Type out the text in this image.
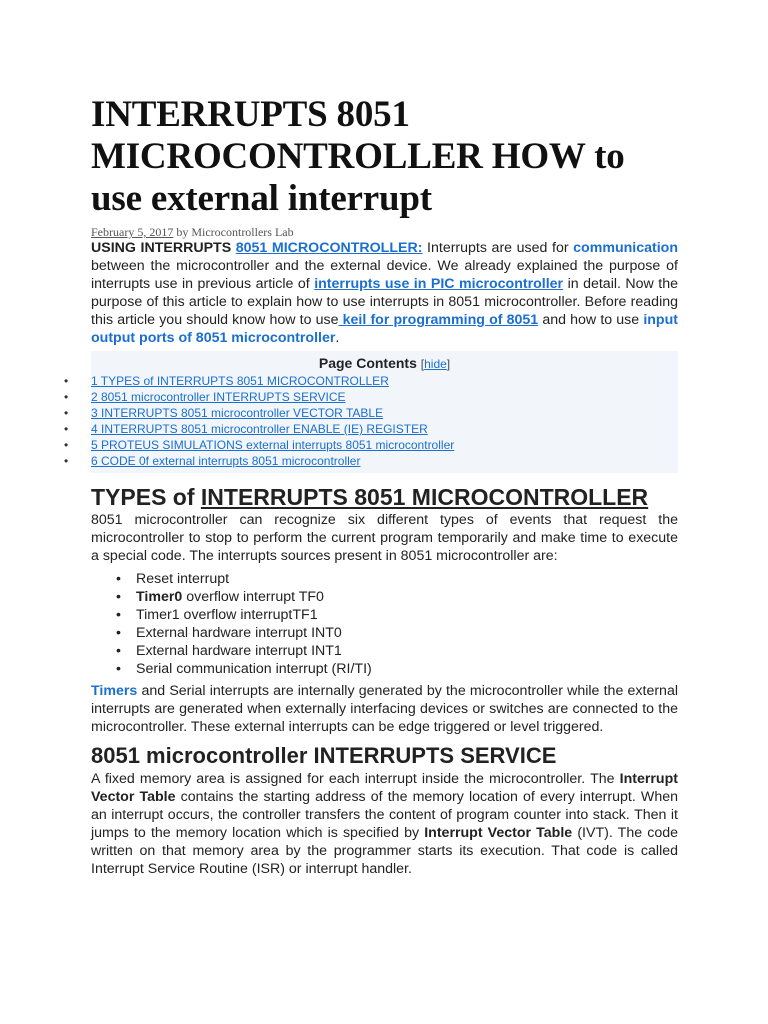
INTERRUPTS 8051 MICROCONTROLLER HOW to use external interrupt
February 5, 2017 by Microcontrollers Lab

USING INTERRUPTS 8051 MICROCONTROLLER: Interrupts are used for communication between the microcontroller and the external device. We already explained the purpose of interrupts use in previous article of interrupts use in PIC microcontroller in detail. Now the purpose of this article to explain how to use interrupts in 8051 microcontroller. Before reading this article you should know how to use keil for programming of 8051 and how to use input output ports of 8051 microcontroller.

Page Contents [hide]
• 1 TYPES of INTERRUPTS 8051 MICROCONTROLLER
• 2 8051 microcontroller INTERRUPTS SERVICE
• 3 INTERRUPTS 8051 microcontroller VECTOR TABLE
• 4 INTERRUPTS 8051 microcontroller ENABLE (IE) REGISTER
• 5 PROTEUS SIMULATIONS external interrupts 8051 microcontroller
• 6 CODE 0f external interrupts 8051 microcontroller
TYPES of INTERRUPTS 8051 MICROCONTROLLER

8051 microcontroller can recognize six different types of events that request the microcontroller to stop to perform the current program temporarily and make time to execute a special code. The interrupts sources present in 8051 microcontroller are:

• Reset interrupt
• Timer0 overflow interrupt TF0
• Timer1 overflow interruptTF1
• External hardware interrupt INT0
• External hardware interrupt INT1
• Serial communication interrupt (RI/TI)

Timers and Serial interrupts are internally generated by the microcontroller while the external interrupts are generated when externally interfacing devices or switches are connected to the microcontroller. These external interrupts can be edge triggered or level triggered.

8051 microcontroller INTERRUPTS SERVICE

A fixed memory area is assigned for each interrupt inside the microcontroller. The Interrupt Vector Table contains the starting address of the memory location of every interrupt. When an interrupt occurs, the controller transfers the content of program counter into stack. Then it jumps to the memory location which is specified by Interrupt Vector Table (IVT). The code written on that memory area by the programmer starts its execution. That code is called Interrupt Service Routine (ISR) or interrupt handler.
